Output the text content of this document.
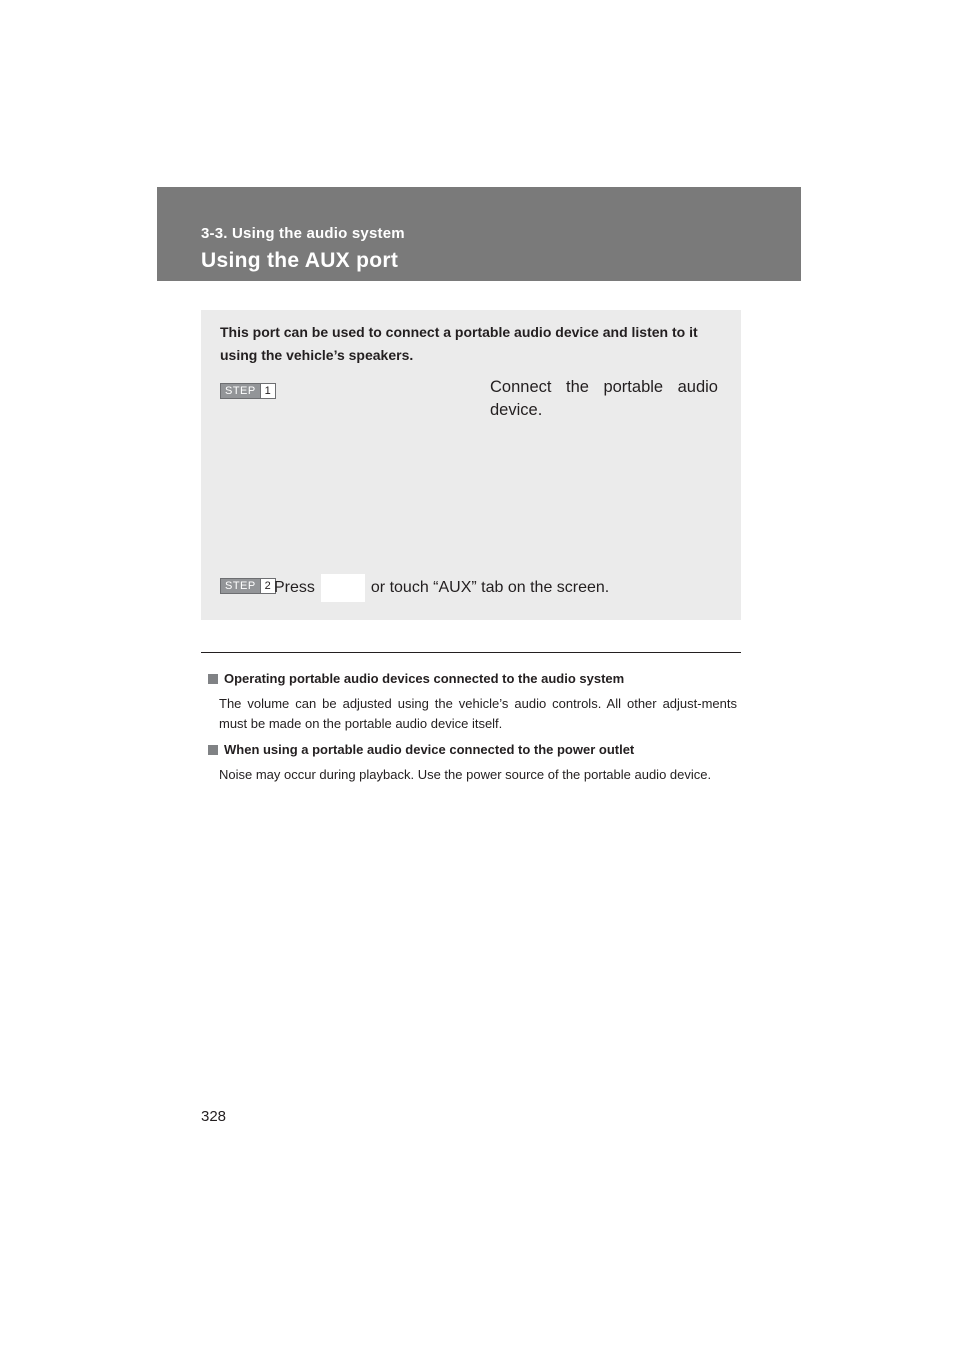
3-3. Using the audio system
Using the AUX port
This port can be used to connect a portable audio device and listen to it using the vehicle’s speakers.
STEP 1	Connect the portable audio device.
STEP 2 Press	or touch “AUX” tab on the screen.
Operating portable audio devices connected to the audio system
The volume can be adjusted using the vehicle’s audio controls. All other adjust-ments must be made on the portable audio device itself.
When using a portable audio device connected to the power outlet
Noise may occur during playback. Use the power source of the portable audio device.
328
